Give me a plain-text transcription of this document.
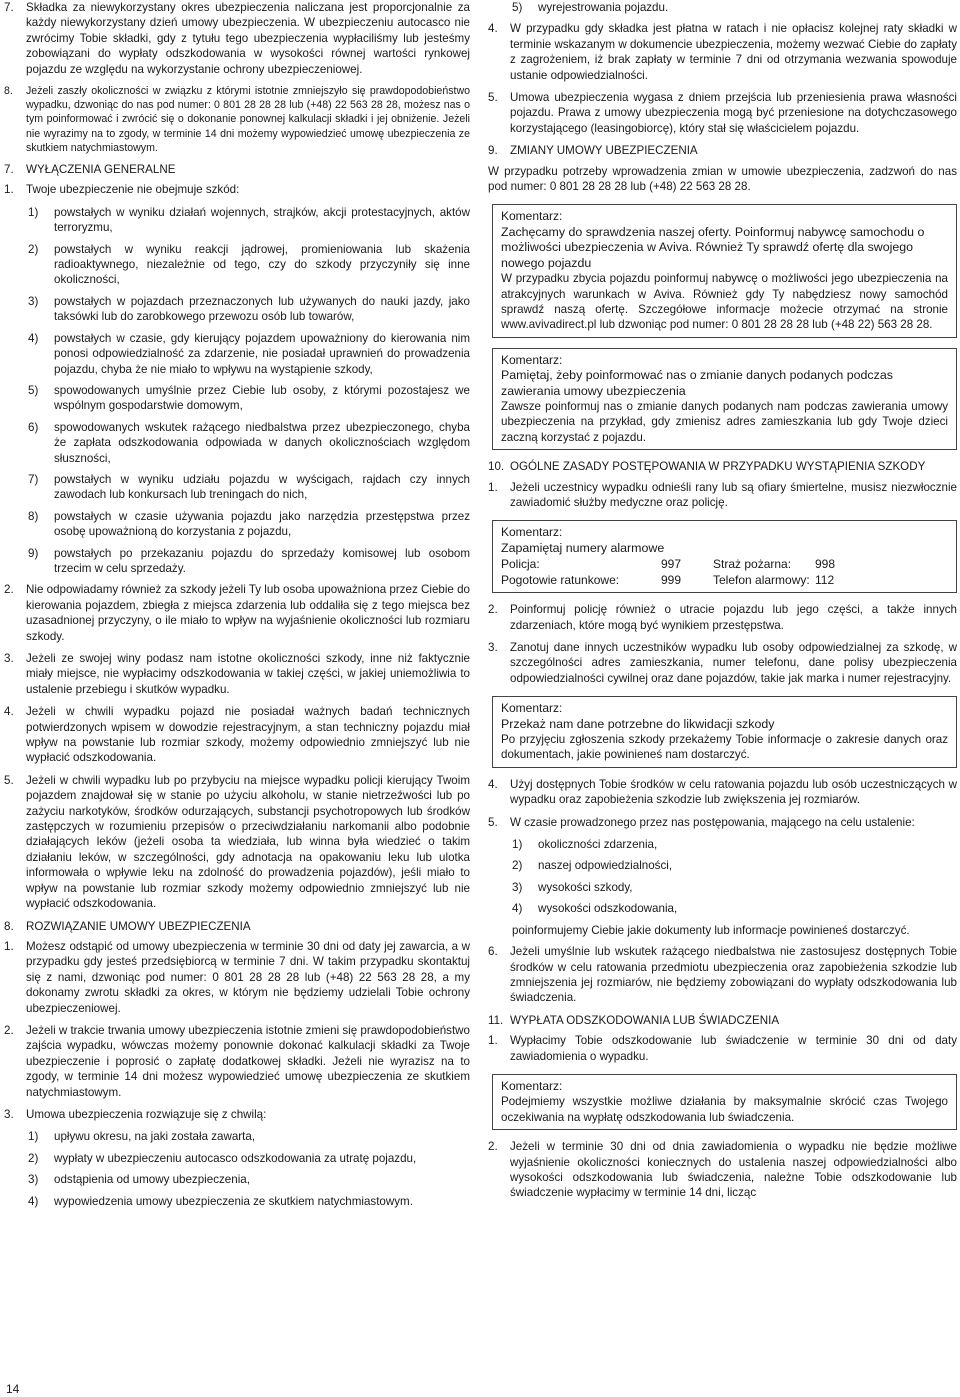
7.	Składka za niewykorzystany okres ubezpieczenia naliczana jest proporcjonalnie za każdy niewykorzystany dzień umowy ubezpieczenia. W ubezpieczeniu autocasco nie zwrócimy Tobie składki, gdy z tytułu tego ubezpieczenia wypłaciliśmy lub jesteśmy zobowiązani do wypłaty odszkodowania w wysokości równej wartości rynkowej pojazdu ze względu na wykorzystanie ochrony ubezpieczeniowej.
8.	Jeżeli zaszły okoliczności w związku z którymi istotnie zmniejszyło się prawdopodobieństwo wypadku, dzwoniąc do nas pod numer: 0 801 28 28 28 lub (+48) 22 563 28 28, możesz nas o tym poinformować i zwrócić się o dokonanie ponownej kalkulacji składki i jej obniżenie. Jeżeli nie wyrazimy na to zgody, w terminie 14 dni możemy wypowiedzieć umowę ubezpieczenia ze skutkiem natychmiastowym.
7.	WYŁĄCZENIA GENERALNE
1.	Twoje ubezpieczenie nie obejmuje szkód:
1)	powstałych w wyniku działań wojennych, strajków, akcji protestacyjnych, aktów terroryzmu,
2)	powstałych w wyniku reakcji jądrowej, promieniowania lub skażenia radioaktywnego, niezależnie od tego, czy do szkody przyczyniły się inne okoliczności,
3)	powstałych w pojazdach przeznaczonych lub używanych do nauki jazdy, jako taksówki lub do zarobkowego przewozu osób lub towarów,
4)	powstałych w czasie, gdy kierujący pojazdem upoważniony do kierowania nim ponosi odpowiedzialność za zdarzenie, nie posiadał uprawnień do prowadzenia pojazdu, chyba że nie miało to wpływu na wystąpienie szkody,
5)	spowodowanych umyślnie przez Ciebie lub osoby, z którymi pozostajesz we wspólnym gospodarstwie domowym,
6)	spowodowanych wskutek rażącego niedbalstwa przez ubezpieczonego, chyba że zapłata odszkodowania odpowiada w danych okolicznościach względom słuszności,
7)	powstałych w wyniku udziału pojazdu w wyścigach, rajdach czy innych zawodach lub konkursach lub treningach do nich,
8)	powstałych w czasie używania pojazdu jako narzędzia przestępstwa przez osobę upoważnioną do korzystania z pojazdu,
9)	powstałych po przekazaniu pojazdu do sprzedaży komisowej lub osobom trzecim w celu sprzedaży.
2.	Nie odpowiadamy również za szkody jeżeli Ty lub osoba upoważniona przez Ciebie do kierowania pojazdem, zbiegła z miejsca zdarzenia lub oddaliła się z tego miejsca bez uzasadnionej przyczyny, o ile miało to wpływ na wyjaśnienie okoliczności lub rozmiaru szkody.
3.	Jeżeli ze swojej winy podasz nam istotne okoliczności szkody, inne niż faktycznie miały miejsce, nie wypłacimy odszkodowania w takiej części, w jakiej uniemożliwia to ustalenie przebiegu i skutków wypadku.
4.	Jeżeli w chwili wypadku pojazd nie posiadał ważnych badań technicznych potwierdzonych wpisem w dowodzie rejestracyjnym, a stan techniczny pojazdu miał wpływ na powstanie lub rozmiar szkody, możemy odpowiednio zmniejszyć lub nie wypłacić odszkodowania.
5.	Jeżeli w chwili wypadku lub po przybyciu na miejsce wypadku policji kierujący Twoim pojazdem znajdował się w stanie po użyciu alkoholu, w stanie nietrzeźwości lub po zażyciu narkotyków, środków odurzających, substancji psychotropowych lub środków zastępczych w rozumieniu przepisów o przeciwdziałaniu narkomanii albo podobnie działających leków (jeżeli osoba ta wiedziała, lub winna była wiedzieć o takim działaniu leków, w szczególności, gdy adnotacja na opakowaniu leku lub ulotka informowała o wpływie leku na zdolność do prowadzenia pojazdów), jeśli miało to wpływ na powstanie lub rozmiar szkody możemy odpowiednio zmniejszyć lub nie wypłacić odszkodowania.
8.	ROZWIĄZANIE UMOWY UBEZPIECZENIA
1.	Możesz odstąpić od umowy ubezpieczenia w terminie 30 dni od daty jej zawarcia, a w przypadku gdy jesteś przedsiębiorcą w terminie 7 dni. W takim przypadku skontaktuj się z nami, dzwoniąc pod numer: 0 801 28 28 28 lub (+48) 22 563 28 28, a my dokonamy zwrotu składki za okres, w którym nie będziemy udzielali Tobie ochrony ubezpieczeniowej.
2.	Jeżeli w trakcie trwania umowy ubezpieczenia istotnie zmieni się prawdopodobieństwo zajścia wypadku, wówczas możemy ponownie dokonać kalkulacji składki za Twoje ubezpieczenie i poprosić o zapłatę dodatkowej składki. Jeżeli nie wyrazisz na to zgody, w terminie 14 dni możesz wypowiedzieć umowę ubezpieczenia ze skutkiem natychmiastowym.
3.	Umowa ubezpieczenia rozwiązuje się z chwilą:
1)	upływu okresu, na jaki została zawarta,
2)	wypłaty w ubezpieczeniu autocasco odszkodowania za utratę pojazdu,
3)	odstąpienia od umowy ubezpieczenia,
4)	wypowiedzenia umowy ubezpieczenia ze skutkiem natychmiastowym.
5)	wyrejestrowania pojazdu.
4.	W przypadku gdy składka jest płatna w ratach i nie opłacisz kolejnej raty składki w terminie wskazanym w dokumencie ubezpieczenia, możemy wezwać Ciebie do zapłaty z zagrożeniem, iż brak zapłaty w terminie 7 dni od otrzymania wezwania spowoduje ustanie odpowiedzialności.
5.	Umowa ubezpieczenia wygasa z dniem przejścia lub przeniesienia prawa własności pojazdu. Prawa z umowy ubezpieczenia mogą być przeniesione na dotychczasowego korzystającego (leasingobiorcę), który stał się właścicielem pojazdu.
9.	ZMIANY UMOWY UBEZPIECZENIA

W przypadku potrzeby wprowadzenia zmian w umowie ubezpieczenia, zadzwoń do nas pod numer: 0 801 28 28 28 lub (+48) 22 563 28 28.

Komentarz:
Zachęcamy do sprawdzenia naszej oferty. Poinformuj nabywcę samochodu o możliwości ubezpieczenia w Aviva. Również Ty sprawdź ofertę dla swojego nowego pojazdu
W przypadku zbycia pojazdu poinformuj nabywcę o możliwości jego ubezpieczenia na atrakcyjnych warunkach w Aviva. Również gdy Ty nabędziesz nowy samochód sprawdź naszą ofertę. Szczegółowe informacje możecie otrzymać na stronie www.avivadirect.pl lub dzwoniąc pod numer: 0 801 28 28 28 lub (+48 22) 563 28 28.
Komentarz:
Pamiętaj, żeby poinformować nas o zmianie danych podanych podczas zawierania umowy ubezpieczenia
Zawsze poinformuj nas o zmianie danych podanych nam podczas zawierania umowy ubezpieczenia na przykład, gdy zmienisz adres zamieszkania lub gdy Twoje dzieci zaczną korzystać z pojazdu.
10. OGÓLNE ZASADY POSTĘPOWANIA W PRZYPADKU WYSTĄPIENIA SZKODY
1.	Jeżeli uczestnicy wypadku odnieśli rany lub są ofiary śmiertelne, musisz niezwłocznie zawiadomić służby medyczne oraz policję.
Komentarz:
Zapamiętaj numery alarmowe
Policja:	997	Straż pożarna:	998
Pogotowie ratunkowe:	999	Telefon alarmowy: 112
2.	Poinformuj policję również o utracie pojazdu lub jego części, a także innych zdarzeniach, które mogą być wynikiem przestępstwa.
3.	Zanotuj dane innych uczestników wypadku lub osoby odpowiedzialnej za szkodę, w szczególności adres zamieszkania, numer telefonu, dane polisy ubezpieczenia odpowiedzialności cywilnej oraz dane pojazdów, takie jak marka i numer rejestracyjny.
Komentarz:
Przekaż nam dane potrzebne do likwidacji szkody
Po przyjęciu zgłoszenia szkody przekażemy Tobie informacje o zakresie danych oraz dokumentach, jakie powinieneś nam dostarczyć.
4.	Użyj dostępnych Tobie środków w celu ratowania pojazdu lub osób uczestniczących w wypadku oraz zapobieżenia szkodzie lub zwiększenia jej rozmiarów.
5.	W czasie prowadzonego przez nas postępowania, mającego na celu ustalenie:
1)	okoliczności zdarzenia,
2)	naszej odpowiedzialności,
3)	wysokości szkody,
4)	wysokości odszkodowania,

poinformujemy Ciebie jakie dokumenty lub informacje powinieneś dostarczyć.

6.	Jeżeli umyślnie lub wskutek rażącego niedbalstwa nie zastosujesz dostępnych Tobie środków w celu ratowania przedmiotu ubezpieczenia oraz zapobieżenia szkodzie lub zmniejszenia jej rozmiarów, nie będziemy zobowiązani do wypłaty odszkodowania lub świadczenia.
11. WYPŁATA ODSZKODOWANIA LUB ŚWIADCZENIA
1.	Wypłacimy Tobie odszkodowanie lub świadczenie w terminie 30 dni od daty zawiadomienia o wypadku.
Komentarz:
Podejmiemy wszystkie możliwe działania by maksymalnie skrócić czas Twojego oczekiwania na wypłatę odszkodowania lub świadczenia.
2.	Jeżeli w terminie 30 dni od dnia zawiadomienia o wypadku nie będzie możliwe wyjaśnienie okoliczności koniecznych do ustalenia naszej odpowiedzialności albo wysokości odszkodowania lub świadczenia, należne Tobie odszkodowanie lub świadczenie wypłacimy w terminie 14 dni, licząc
14
